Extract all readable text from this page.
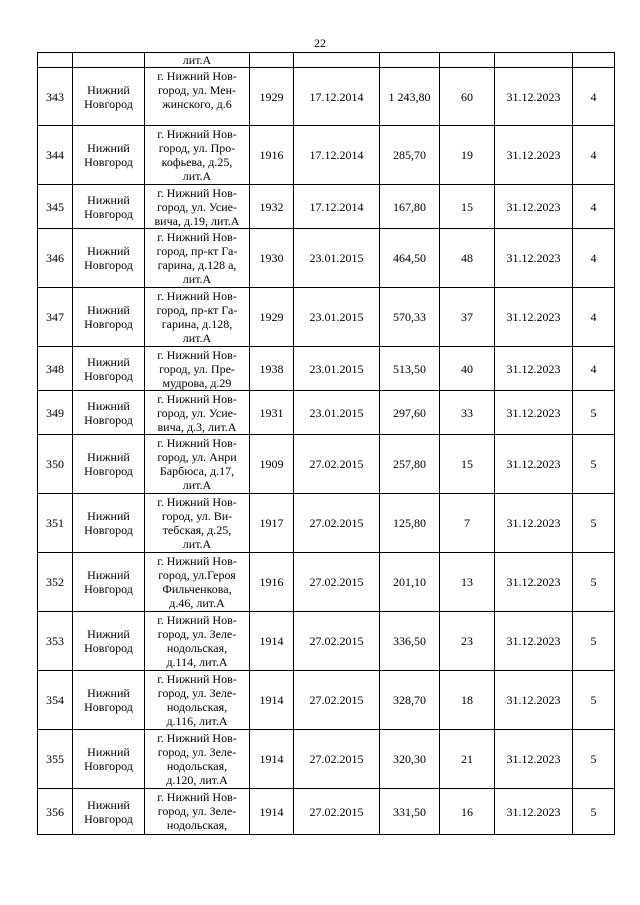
22
		лит.А						
343	Нижний Новгород	г. Нижний Нов-
город, ул. Мен-
жинского, д.6	1929	17.12.2014	1 243,80	60	31.12.2023	4
344	Нижний Новгород	г. Нижний Нов-
город, ул. Про-
кофьева, д.25,
лит.А	1916	17.12.2014	285,70	19	31.12.2023	4
345	Нижний Новгород	г. Нижний Нов-
город, ул. Усие-
вича, д.19, лит.А	1932	17.12.2014	167,80	15	31.12.2023	4
346	Нижний Новгород	г. Нижний Нов-
город, пр-кт Га-
гарина, д.128 а,
лит.А	1930	23.01.2015	464,50	48	31.12.2023	4
347	Нижний Новгород	г. Нижний Нов-
город, пр-кт Га-
гарина, д.128,
лит.А	1929	23.01.2015	570,33	37	31.12.2023	4
348	Нижний Новгород	г. Нижний Нов-
город, ул. Пре-
мудрова, д.29	1938	23.01.2015	513,50	40	31.12.2023	4
349	Нижний Новгород	г. Нижний Нов-
город, ул. Усие-
вича, д.3, лит.А	1931	23.01.2015	297,60	33	31.12.2023	5
350	Нижний Новгород	г. Нижний Нов-
город, ул. Анри
Барбюса, д.17,
лит.А	1909	27.02.2015	257,80	15	31.12.2023	5
351	Нижний Новгород	г. Нижний Нов-
город, ул. Ви-
тебская, д.25,
лит.А	1917	27.02.2015	125,80	7	31.12.2023	5
352	Нижний Новгород	г. Нижний Нов-
город, ул.Героя
Фильченкова,
д.46, лит.А	1916	27.02.2015	201,10	13	31.12.2023	5
353	Нижний Новгород	г. Нижний Нов-
город, ул. Зеле-
нодольская,
д.114, лит.А	1914	27.02.2015	336,50	23	31.12.2023	5
354	Нижний Новгород	г. Нижний Нов-
город, ул. Зеле-
нодольская,
д.116, лит.А	1914	27.02.2015	328,70	18	31.12.2023	5
355	Нижний Новгород	г. Нижний Нов-
город, ул. Зеле-
нодольская,
д.120, лит.А	1914	27.02.2015	320,30	21	31.12.2023	5
356	Нижний Новгород	г. Нижний Нов-
город, ул. Зеле-
нодольская,	1914	27.02.2015	331,50	16	31.12.2023	5
